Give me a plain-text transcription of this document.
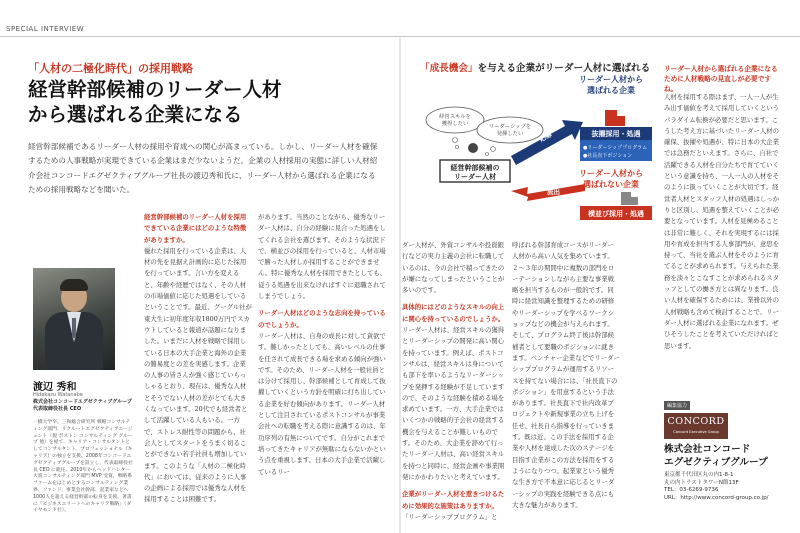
SPECIAL INTERVIEW
「人材の二極化時代」の採用戦略
経営幹部候補のリーダー人材
から選ばれる企業になる
経営幹部候補であるリーダー人材の採用や育成への関心が高まっている。しかし、リーダー人材を確保するための人事戦略が実現できている企業はまだ少ないようだ。企業の人材採用の実態に詳しい人材紹介会社コンコードエグゼクティブグループ社長の渡辺秀和氏に、リーダー人材から選ばれる企業になるための採用戦略などを聞いた。
渡辺 秀和
Hidekazu Watanabe
株式会社コンコードエグゼクティブグループ 代表取締役社長 CEO
一橋大学卒。三和総合研究所 戦略コンサルティング部門、リクルートエグゼクティブエージェント（現 ボストン コンサルティング グループ 他）を経て、キャリア・コンサルタントとしてコンサルタント、プロフェッショナル（キャリア）の独立を支援。2008年コンコードエグゼクティブグループを設立し、代表取締役社長 CEO に就任。2010年からヘッドハンター大賞コンサルティング部門 MVP 受賞。戦略系ファームをはじめとするコンサルティング業界、ファンド、事業会社幹部、起業家などへ1000人を超える経営幹部の転身を支援。著書に『ビジネスエリートへのキャリア戦略』（ダイヤモンド社）。
経営幹部候補のリーダー人材を採用できている企業にはどのような特徴がありますか。
優れた採用を行っている企業は、人材の先を見据え計画的に応じた採用を行っています。言い方を変えると、年齢や経歴ではなく、その人材の市場価値に応じた処遇をしているということです。最近、グーグル社が東大生に初年度年収1800万円でスカウトしていると報道が話題になりました。いまだに人材を戦略で採用している日本の大手企業と海外の企業の難易度との差を実感します。企業の人事の皆さんが強く感じていらっしゃるとおり、現在は、優秀な人材とそうでない人材の差がとても大きくなっています。20代でも経営者として活躍している人もいる。一方で、ストレス耐性等の問題から、社会人としてスタートをうまく切ることができない若手社員も増加しています。このような「人材の二極化時代」においては、従来のように人事の企画による採用では優秀な人材を採用することは困難です。
があります。当然のことながら、優秀なリーダー人材は、自分の経験に見合った処遇をしてくれる会社を選びます。そのような状況下で、横並びの採用を行っていると、人材市場で勝った人材しか採用することができません。特に優秀な人材を採用できたとしても、従うる処遇を出来なければすぐに退職されてしまうでしょう。
リーダー人材はどのような志向を持っているのでしょうか。
リーダー人材は、自身の成長に対して貪欲です。難しかったとしても、高いレベルの仕事を任されて成長できる場を求める傾向が強いです。そのため、リーダー人材を一般社員とは分けて採用し、幹部候補として育成して抜擢していくという方針を明確に打ち出している企業を好む傾向があります。リーダー人材として注目されているポストコンサルが事業会社への転職を考える際に意識するのは、年功序列の有無についてです。自分がこれまで培ってきたキャリアが無駄にならないかという点を重視します。日本の大手企業で活躍しているリー
「成長機会」を与える企業がリーダー人材に選ばれる
経営スキルを
獲得したい	リーダーシップを
発揮したい
経営幹部候補の
リーダー人材
応募
流出
リーダー人材から
選ばれる企業
抜擢採用・処遇
●リーダーシッププログラム
●社長直下ポジション
リーダー人材から
選ばれない企業
横並び採用・処遇
ダー人材が、外資コンサルや投資銀行などの実力主義の会社に転職しているのは、今の会社で積ってきたのが嫌になってしまったということが多いのです。
具体的にはどのようなスキルの向上に関心を持っているのでしょうか。
リーダー人材は、経営スキルの獲得とリーダーシップの開発に高い関心を持っています。例えば、ポストコンサルは、経営スキルは身についても部下を率いるようなリーダーシップを発揮する経験が不足していますので、そのような経験を積める場を求めています。一方、大手企業ではいくつかの戦略的子会社の経営する機会を与えることが難しいものです。そのため、大企業を辞めて行ったリーダー人材は、高い経営スキルを持つと同時に、経営企画や事業開発にかかわりたいと考えています。
企業がリーダー人材を惹きつけるために効果的な施策はありますか。
「リーダーシッププログラム」と
呼ばれる幹部育成コースがリーダー人材から高い人気を集めています。２〜３年の期間中に複数の部門をローテーションしながら主要な事業戦略を担当するものが一般的です。同時に経営知識を整理するための研修やリーダーシップを学べるワークショップなどの機会が与えられます。そして、プログラム終了後は幹部候補者として要職のポジションに就きます。ベンチャー企業などでリーダーシッププログラムが運用するリソースを持てない場合には、「社長直下のポジション」を用意するという手法があります。社長直下で社内改革プロジェクトや新規事業の立ち上げを任せ、社長自ら指導を行っていきます。既は近、この手法を採用する企業や人材を達成した次のステージを目指す企業がこの方法を採用をするようになりつつ。起業家という優秀な生き方で不本意に応じるとリーダーシップの実践を経験できる点にも大きな魅力があります。
リーダー人材から選ばれる企業になるために人材戦略の見直しが必要ですね。
人材を採用する際はまず、一人一人が生み出す価値を考えて採用していくというパラダイム転換が必要だと思います。こうした考え方に基づいたリーダー人材の確保、抜擢や処遇が、特に日本の大企業では急務だといえます。さらに、自社で活躍できる人材を自分たちで育てていくという意識を持ち、一人一人の人材をそのように扱っていくことが大切です。経営者人材とスタッフ人材の処遇はしっかりと区別し、処遇を整えていくことが必要となっています。人材を見極めることは非常に難しく、それを実現するには採用や育成を担当する人事部門が、意思を持って、当社を選ぶ人材をそのように育てることが求められます。与えられた業務を淡々とこなすことが求められるスタッフとしての働き方とは異なります。良い人材を確保するためには、業務以外の人材戦略も含めて検討することで、リーダー人材に選ばれる企業になれます。ぜひそうしたことを考えていただければと思います。
編集協力
CONCORD
Concord Executive Group
株式会社コンコード
エグゼクティブグループ
東京都千代田区丸の内1-8-1
丸の内トラストタワーN館13F
TEL：03-6269-9736
URL：http://www.concord-group.co.jp/
